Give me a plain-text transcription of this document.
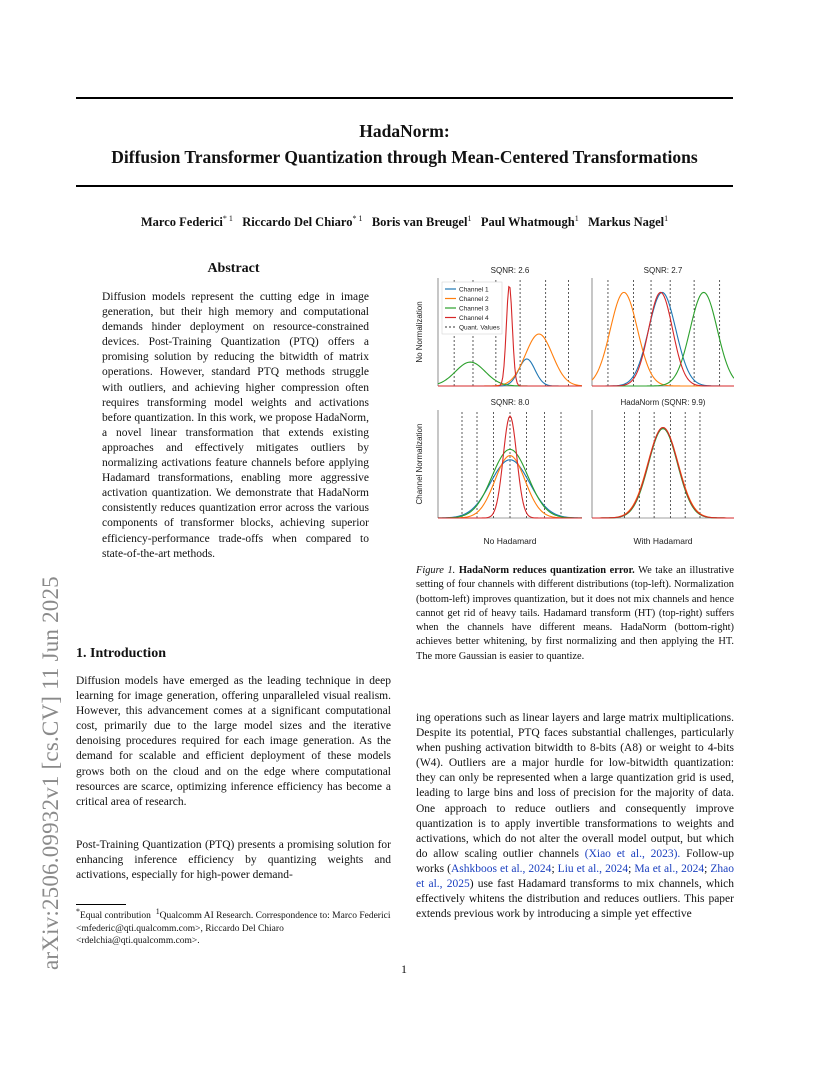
HadaNorm:
Diffusion Transformer Quantization through Mean-Centered Transformations
Marco Federici$^{* 1}$ Riccardo Del Chiaro$^{* 1}$ Boris van Breugel$^1$ Paul Whatmough$^1$ Markus Nagel$^1$
arXiv:2506.09932v1 [cs.CV] 11 Jun 2025
Abstract
Diffusion models represent the cutting edge in image generation, but their high memory and computational demands hinder deployment on resource-constrained devices. Post-Training Quantization (PTQ) offers a promising solution by reducing the bitwidth of matrix operations. However, standard PTQ methods struggle with outliers, and achieving higher compression often requires transforming model weights and activations before quantization. In this work, we propose HadaNorm, a novel linear transformation that extends existing approaches and effectively mitigates outliers by normalizing activations feature channels before applying Hadamard transformations, enabling more aggressive activation quantization. We demonstrate that HadaNorm consistently reduces quantization error across the various components of transformer blocks, achieving superior efficiency-performance trade-offs when compared to state-of-the-art methods.
1. Introduction
Diffusion models have emerged as the leading technique in deep learning for image generation, offering unparalleled visual realism. However, this advancement comes at a significant computational cost, primarily due to the large model sizes and the iterative denoising procedures required for each image generation. As the demand for scalable and efficient deployment of these models grows both on the cloud and on the edge where computational resources are scarce, optimizing inference efficiency has become a critical area of research.
Post-Training Quantization (PTQ) presents a promising solution for enhancing inference efficiency by quantizing weights and activations, especially for high-power demand-
*Equal contribution $^1$Qualcomm AI Research. Correspondence to: Marco Federici <mfederic@qti.qualcomm.com>, Riccardo Del Chiaro <rdelchia@qti.qualcomm.com>.
SQNR: 2.6
No Normalization
SQNR: 2.7
SQNR: 8.0
Channel Normalization
No Hadamard
HadaNorm (SQNR: 9.9)
With Hadamard
Channel 1
Channel 2
Channel 3
Channel 4
Quant. Values
Figure 1. HadaNorm reduces quantization error. We take an illustrative setting of four channels with different distributions (top-left). Normalization (bottom-left) improves quantization, but it does not mix channels and hence cannot get rid of heavy tails. Hadamard transform (HT) (top-right) suffers when the channels have different means. HadaNorm (bottom-right) achieves better whitening, by first normalizing and then applying the HT. The more Gaussian is easier to quantize.
ing operations such as linear layers and large matrix multiplications. Despite its potential, PTQ faces substantial challenges, particularly when pushing activation bitwidth to 8-bits (A8) or weight to 4-bits (W4). Outliers are a major hurdle for low-bitwidth quantization: they can only be represented when a large quantization grid is used, leading to large bins and loss of precision for the majority of data. One approach to reduce outliers and consequently improve quantization is to apply invertible transformations to weights and activations, which do not alter the overall model output, but which do allow scaling outlier channels (Xiao et al., 2023). Follow-up works (Ashkboos et al., 2024; Liu et al., 2024; Ma et al., 2024; Zhao et al., 2025) use fast Hadamard transforms to mix channels, which effectively whitens the distribution and reduces outliers. This paper extends previous work by introducing a simple yet effective
1
